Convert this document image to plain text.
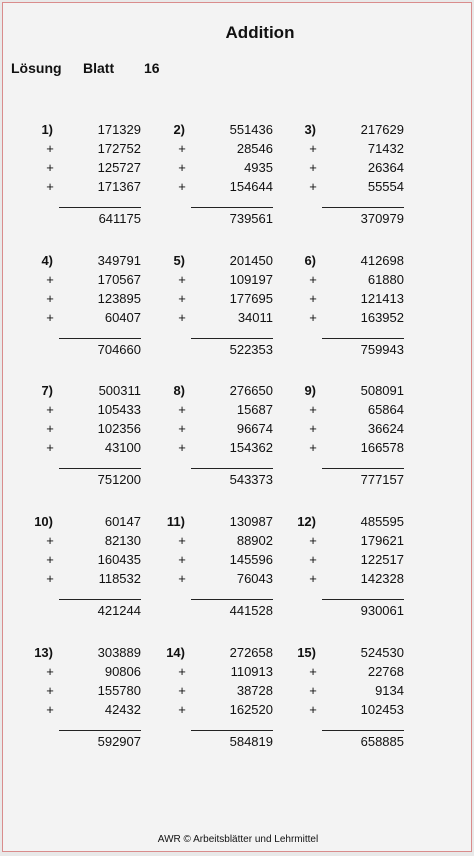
Addition
Lösung Blatt 16
1)	171329
+	172752
+	125727
+	171367
641175
2)	551436
+	28546
+	4935
+	154644
739561
3)	217629
+	71432
+	26364
+	55554
370979
4)	349791
+	170567
+	123895
+	60407
704660
5)	201450
+	109197
+	177695
+	34011
522353
6)	412698
+	61880
+	121413
+	163952
759943
7)	500311
+	105433
+	102356
+	43100
751200
8)	276650
+	15687
+	96674
+	154362
543373
9)	508091
+	65864
+	36624
+	166578
777157
10)	60147
+	82130
+	160435
+	118532
421244
11)	130987
+	88902
+	145596
+	76043
441528
12)	485595
+	179621
+	122517
+	142328
930061
13)	303889
+	90806
+	155780
+	42432
592907
14)	272658
+	110913
+	38728
+	162520
584819
15)	524530
+	22768
+	9134
+	102453
658885
AWR © Arbeitsblätter und Lehrmittel
